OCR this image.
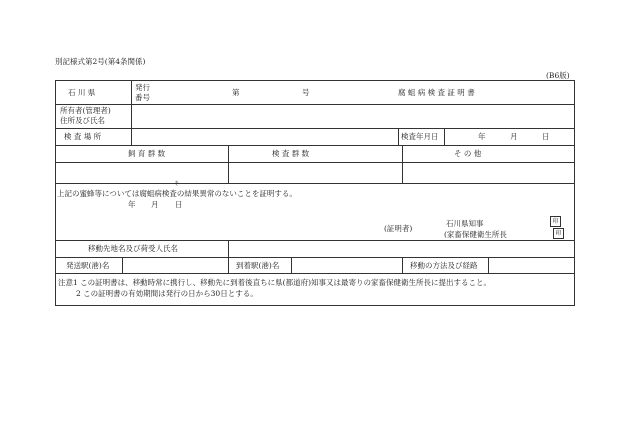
別記様式第2号(第4条関係)
(B6版)
石 川 県
発行
番号
第	号	腐 蛆 病 検 査 証 明 書
所有者(管理者)
住所及び氏名
検 査 場 所	検査年月日	年	月	日
飼 育 群 数	検 査 群 数	そ の 他
そ
上記の蜜蜂等については腐蛆病検査の結果異常のないことを証明する。
年 月 日
(証明者)
石川県知事
(家畜保健衛生所長
印
印
移動先地名及び荷受人氏名
発送駅(港)名	到着駅(港)名	移動の方法及び経路
注意1 この証明書は、移動時常に携行し、移動先に到着後直ちに県(都道府)知事又は最寄りの家畜保健衛生所長に提出すること。
2 この証明書の有効期間は発行の日から30日とする。
